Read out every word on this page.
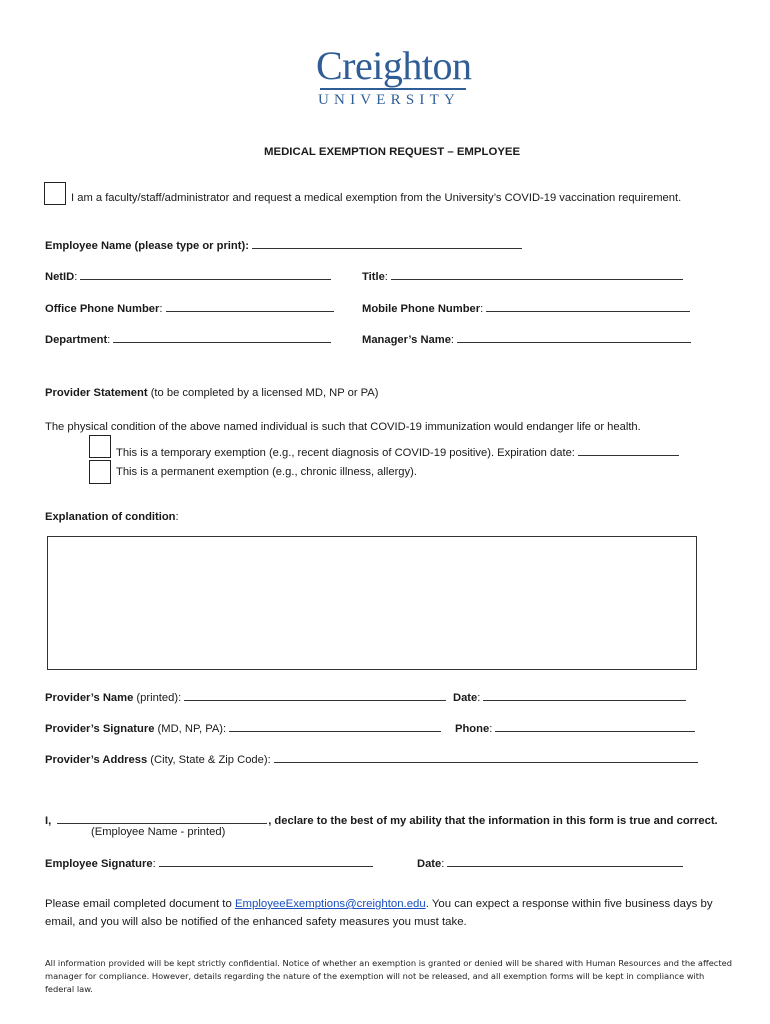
Creighton
UNIVERSITY
MEDICAL EXEMPTION REQUEST – EMPLOYEE
I am a faculty/staff/administrator and request a medical exemption from the University’s COVID-19 vaccination requirement.
Employee Name (please type or print):
NetID:	Title:
Office Phone Number:	Mobile Phone Number:
Department:	Manager’s Name:
Provider Statement (to be completed by a licensed MD, NP or PA)
The physical condition of the above named individual is such that COVID-19 immunization would endanger life or health.
This is a temporary exemption (e.g., recent diagnosis of COVID-19 positive). Expiration date:
This is a permanent exemption (e.g., chronic illness, allergy).
Explanation of condition:
Provider’s Name (printed):	Date:
Provider’s Signature (MD, NP, PA):	Phone:
Provider’s Address (City, State & Zip Code):
I,	, declare to the best of my ability that the information in this form is true and correct.
(Employee Name - printed)
Employee Signature:	Date:
Please email completed document to EmployeeExemptions@creighton.edu. You can expect a response within five business days by
email, and you will also be notified of the enhanced safety measures you must take.
All information provided will be kept strictly confidential. Notice of whether an exemption is granted or denied will be shared with Human Resources and the affected
manager for compliance. However, details regarding the nature of the exemption will not be released, and all exemption forms will be kept in compliance with
federal law.
